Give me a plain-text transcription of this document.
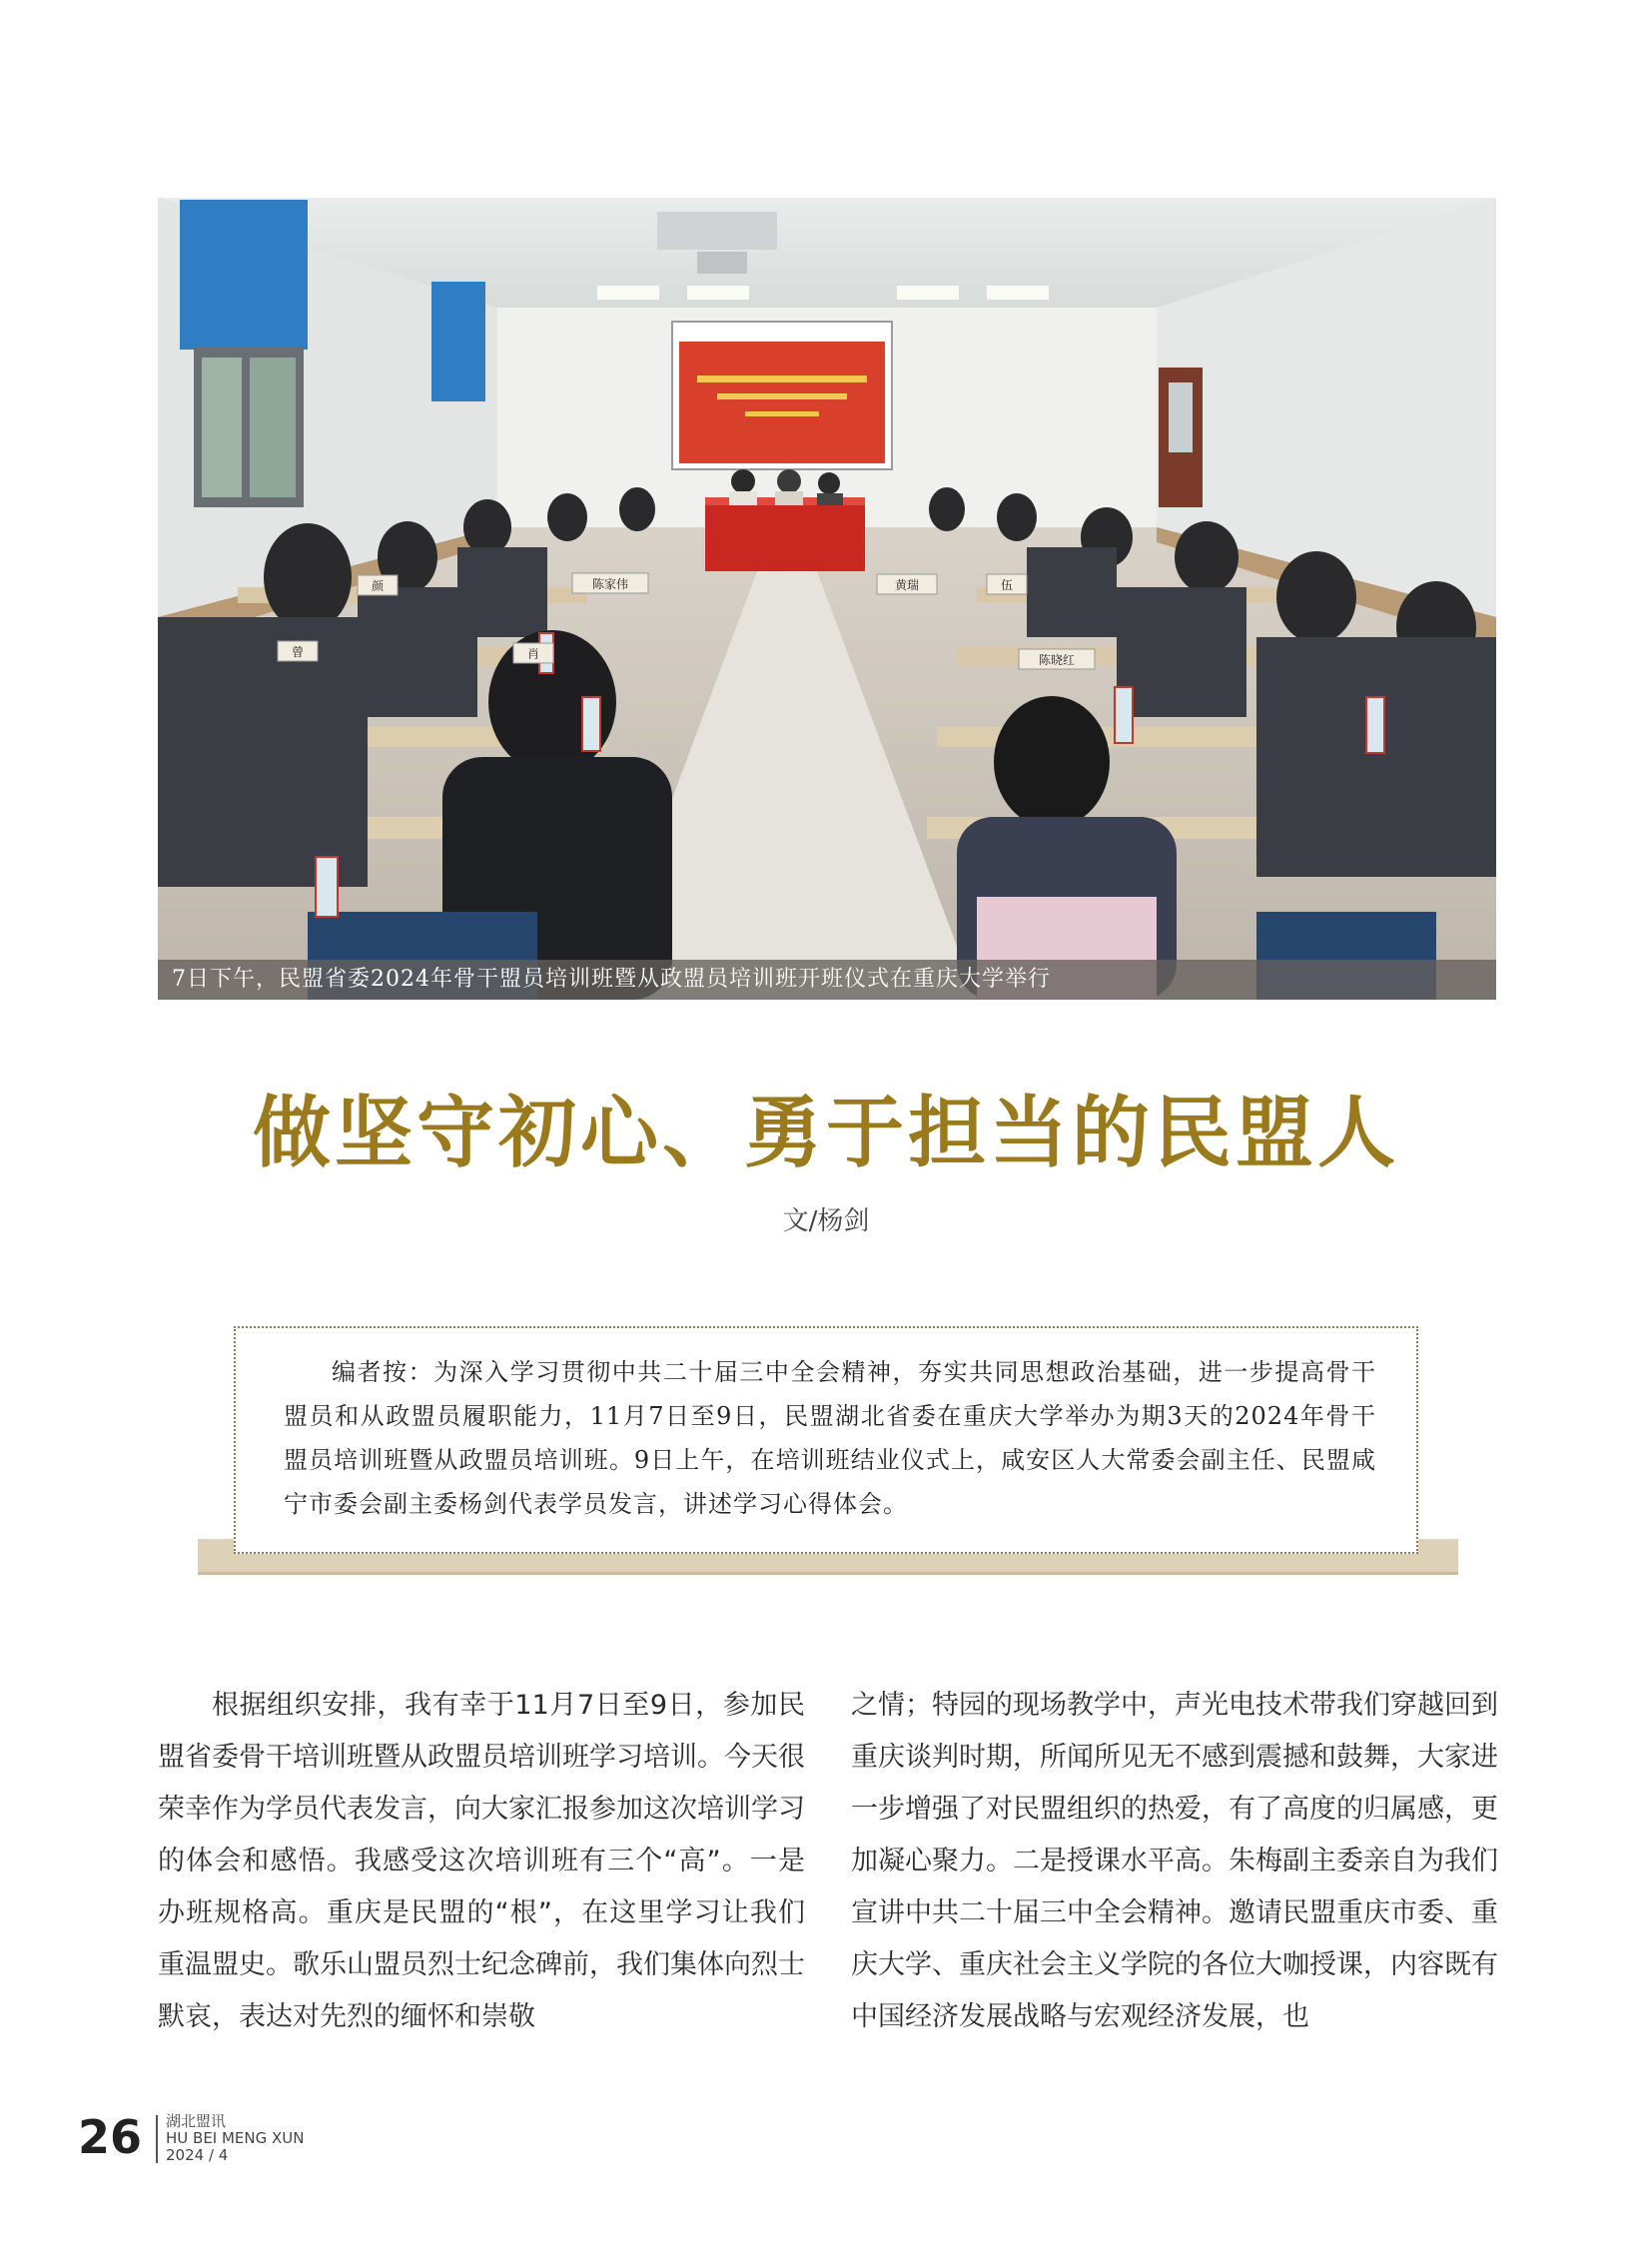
陈家伟
陈晓红
黄瑞	伍
颜
肖
曾
7日下午，民盟省委2024年骨干盟员培训班暨从政盟员培训班开班仪式在重庆大学举行
做坚守初心、勇于担当的民盟人
文/杨剑

编者按：为深入学习贯彻中共二十届三中全会精神，夯实共同思想政治基础，进一步提高骨干盟员和从政盟员履职能力，11月7日至9日，民盟湖北省委在重庆大学举办为期3天的2024年骨干盟员培训班暨从政盟员培训班。9日上午，在培训班结业仪式上，咸安区人大常委会副主任、民盟咸宁市委会副主委杨剑代表学员发言，讲述学习心得体会。

根据组织安排，我有幸于11月7日至9日，参加民盟省委骨干培训班暨从政盟员培训班学习培训。今天很荣幸作为学员代表发言，向大家汇报参加这次培训学习的体会和感悟。我感受这次培训班有三个“高”。一是办班规格高。重庆是民盟的“根”，在这里学习让我们重温盟史。歌乐山盟员烈士纪念碑前，我们集体向烈士默哀，表达对先烈的缅怀和崇敬

之情；特园的现场教学中，声光电技术带我们穿越回到重庆谈判时期，所闻所见无不感到震撼和鼓舞，大家进一步增强了对民盟组织的热爱，有了高度的归属感，更加凝心聚力。二是授课水平高。朱梅副主委亲自为我们宣讲中共二十届三中全会精神。邀请民盟重庆市委、重庆大学、重庆社会主义学院的各位大咖授课，内容既有中国经济发展战略与宏观经济发展，也

26 湖北盟讯
HU BEI MENG XUN
2024 / 4
